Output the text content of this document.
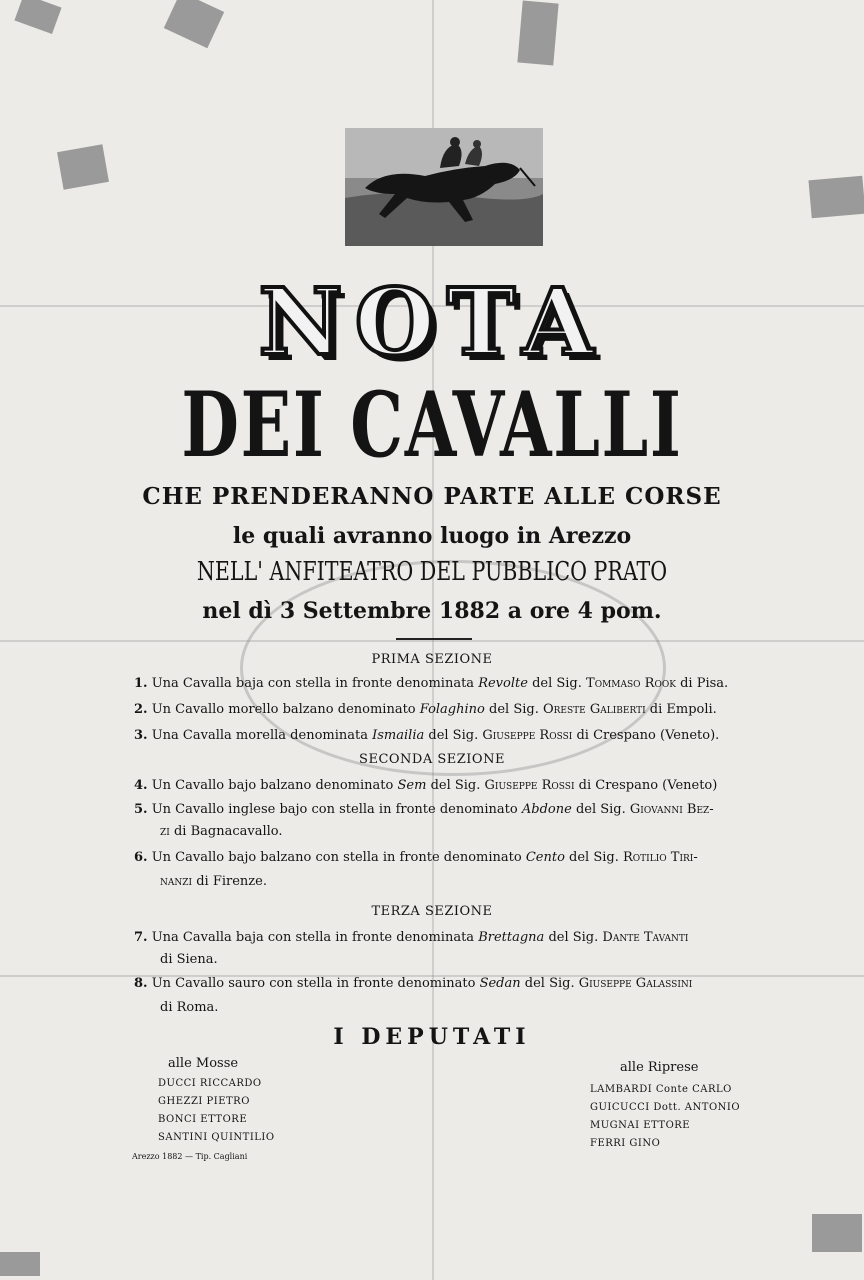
NOTA
DEI CAVALLI
CHE PRENDERANNO PARTE ALLE CORSE
le quali avranno luogo in Arezzo
NELL' ANFITEATRO DEL PUBBLICO PRATO
nel dì 3 Settembre 1882 a ore 4 pom.
PRIMA SEZIONE
1. Una Cavalla baja con stella in fronte denominata Revolte del Sig. Tommaso Rook di Pisa.
2. Un Cavallo morello balzano denominato Folaghino del Sig. Oreste Galiberti di Empoli.
3. Una Cavalla morella denominata Ismailia del Sig. Giuseppe Rossi di Crespano (Veneto).
SECONDA SEZIONE
4. Un Cavallo bajo balzano denominato Sem del Sig. Giuseppe Rossi di Crespano (Veneto)
5. Un Cavallo inglese bajo con stella in fronte denominato Abdone del Sig. Giovanni Bez-
zi di Bagnacavallo.
6. Un Cavallo bajo balzano con stella in fronte denominato Cento del Sig. Rotilio Tiri-
nanzi di Firenze.
TERZA SEZIONE
7. Una Cavalla baja con stella in fronte denominata Brettagna del Sig. Dante Tavanti
di Siena.
8. Un Cavallo sauro con stella in fronte denominato Sedan del Sig. Giuseppe Galassini
di Roma.
I DEPUTATI
alle Mosse
DUCCI RICCARDO
GHEZZI PIETRO
BONCI ETTORE
SANTINI QUINTILIO
alle Riprese
LAMBARDI Conte CARLO
GUICUCCI Dott. ANTONIO
MUGNAI ETTORE
FERRI GINO
Arezzo 1882 — Tip. Cagliani
